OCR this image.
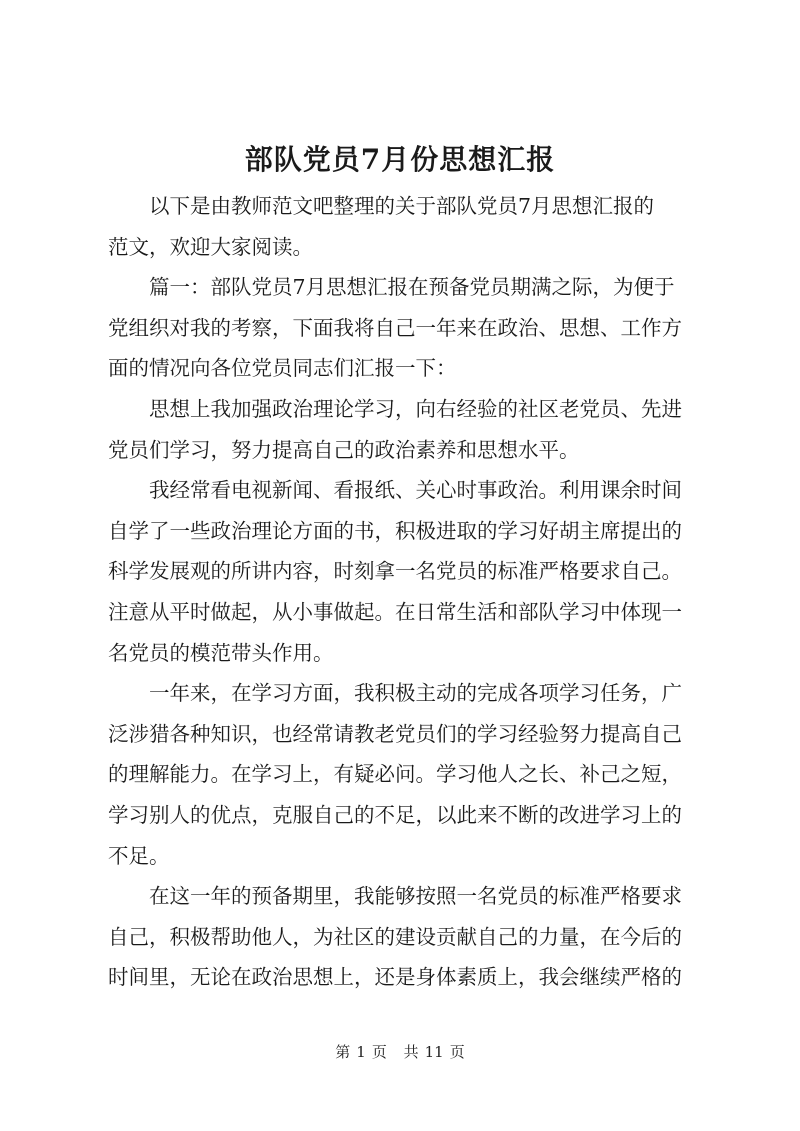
部队党员7月份思想汇报
以下是由教师范文吧整理的关于部队党员7月思想汇报的
范文，欢迎大家阅读。
篇一：部队党员7月思想汇报在预备党员期满之际，为便于
党组织对我的考察，下面我将自己一年来在政治、思想、工作方
面的情况向各位党员同志们汇报一下：
思想上我加强政治理论学习，向右经验的社区老党员、先进
党员们学习，努力提高自己的政治素养和思想水平。
我经常看电视新闻、看报纸、关心时事政治。利用课余时间
自学了一些政治理论方面的书，积极进取的学习好胡主席提出的
科学发展观的所讲内容，时刻拿一名党员的标准严格要求自己。
注意从平时做起，从小事做起。在日常生活和部队学习中体现一
名党员的模范带头作用。
一年来，在学习方面，我积极主动的完成各项学习任务，广
泛涉猎各种知识，也经常请教老党员们的学习经验努力提高自己
的理解能力。在学习上，有疑必问。学习他人之长、补己之短，
学习别人的优点，克服自己的不足，以此来不断的改进学习上的
不足。
在这一年的预备期里，我能够按照一名党员的标准严格要求
自己，积极帮助他人，为社区的建设贡献自己的力量，在今后的
时间里，无论在政治思想上，还是身体素质上，我会继续严格的
第 1 页 共 11 页
